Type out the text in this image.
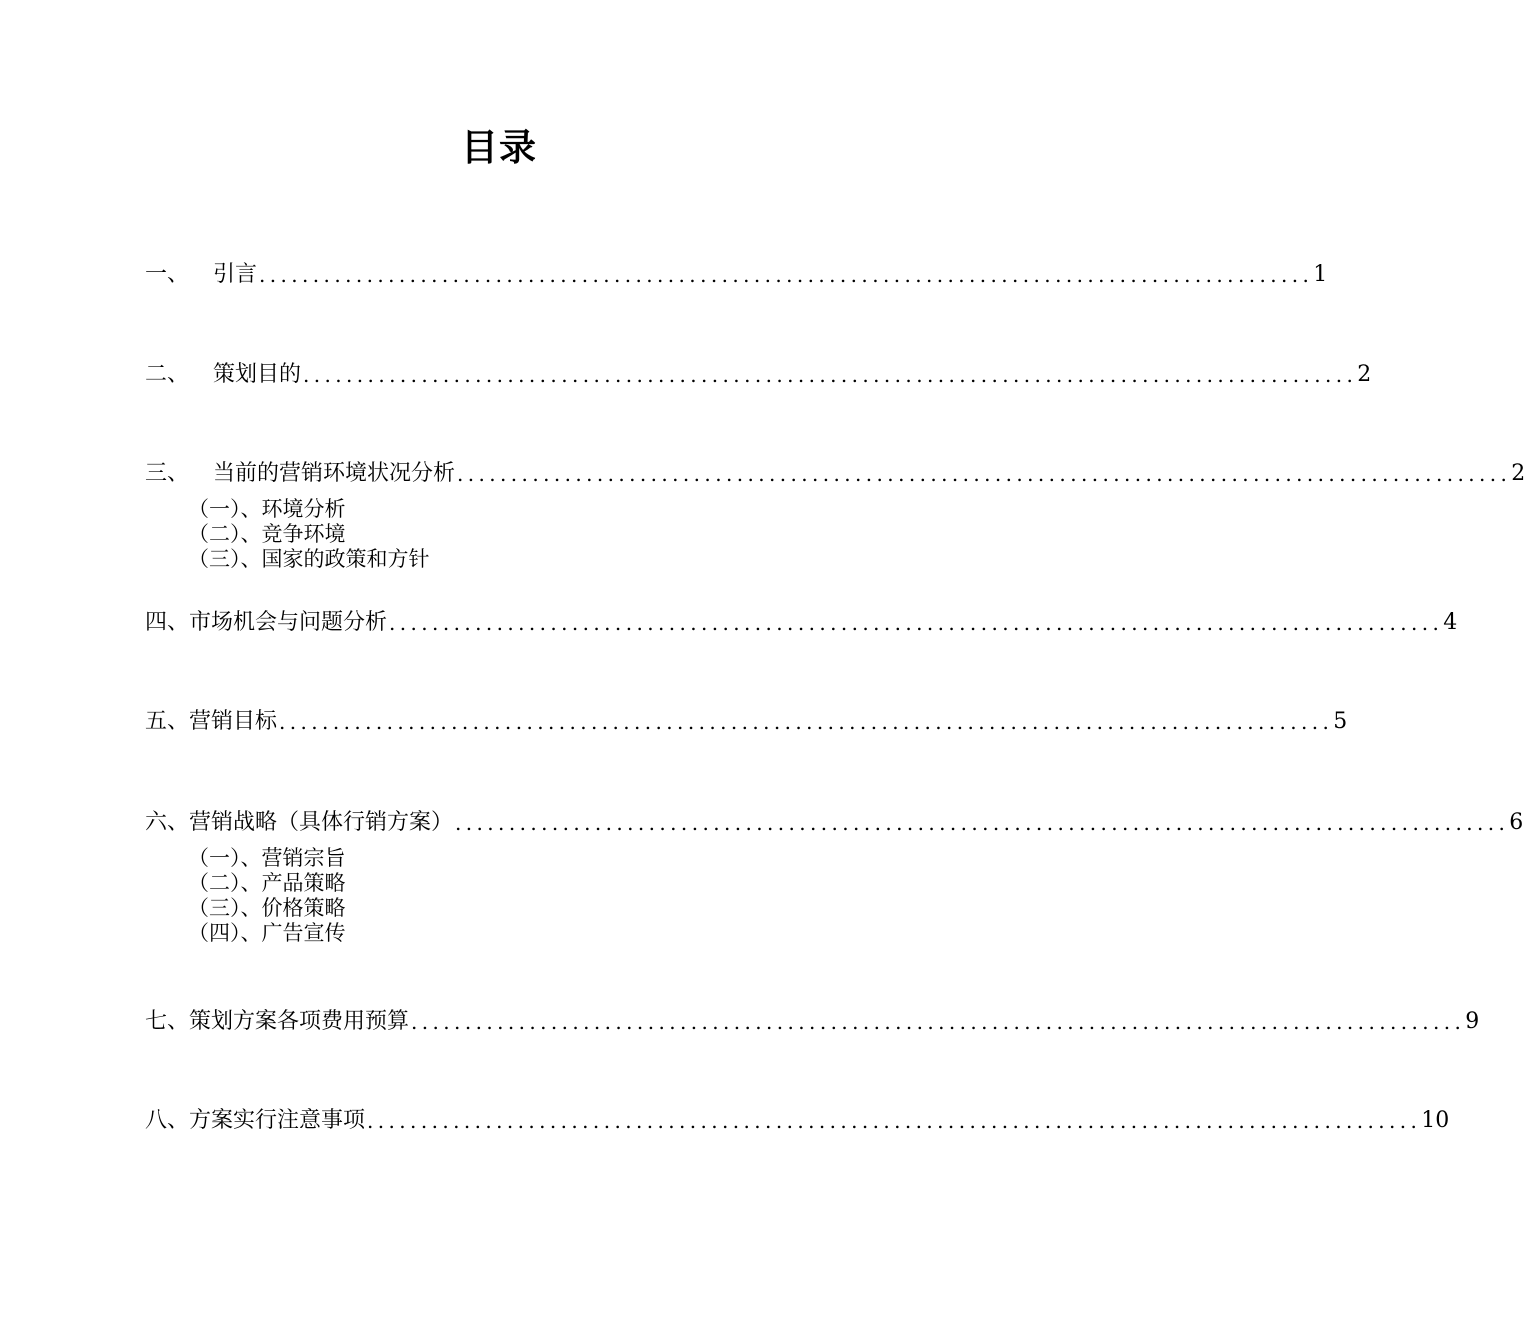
目录
一、	引言 .................................................................................................. 1
二、	策划目的 .................................................................................................. 2
三、	当前的营销环境状况分析 .................................................................................................. 2
（一）、环境分析
（二）、竞争环境
（三）、国家的政策和方针
四、 市场机会与问题分析 .................................................................................................. 4
五、 营销目标 .................................................................................................. 5
六、 营销战略（具体行销方案） .................................................................................................. 6
（一）、营销宗旨
（二）、产品策略
（三）、价格策略
（四）、广告宣传
七、 策划方案各项费用预算 .................................................................................................. 9
八、 方案实行注意事项 .................................................................................................. 10
